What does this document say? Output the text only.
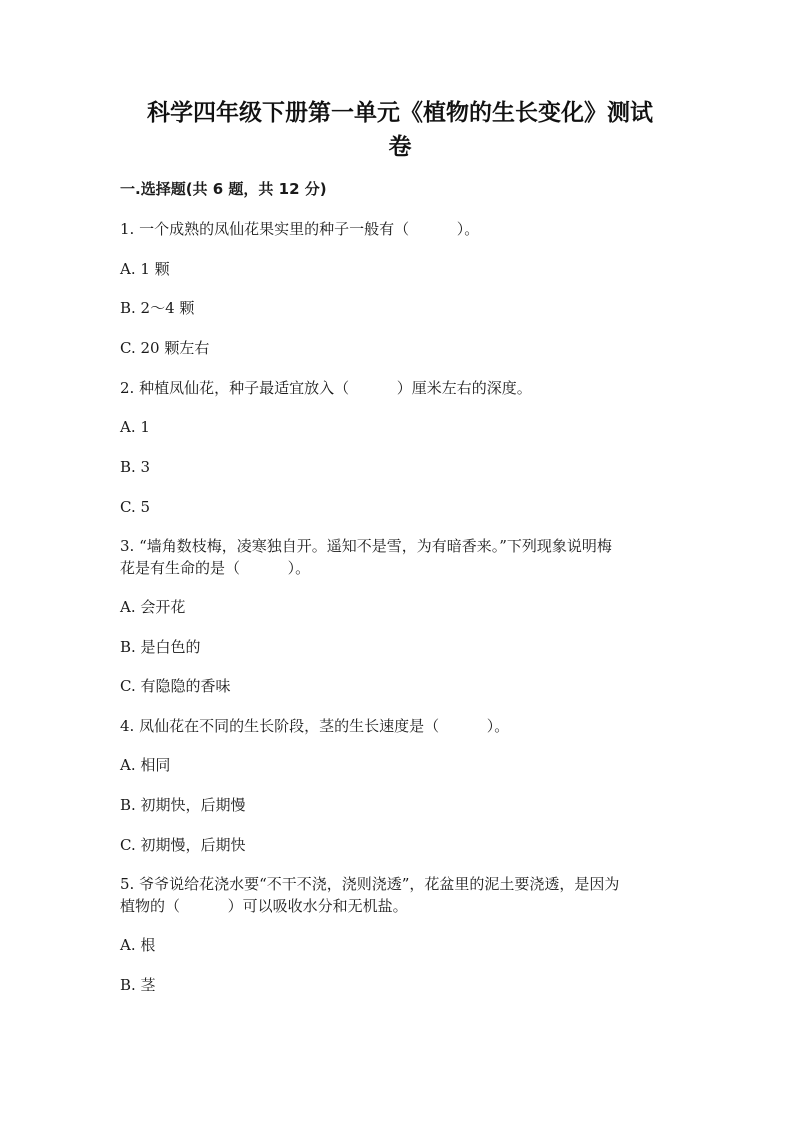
科学四年级下册第一单元《植物的生长变化》测试
卷
一.选择题(共 6 题，共 12 分)
1. 一个成熟的凤仙花果实里的种子一般有（          ）。
A. 1 颗
B. 2～4 颗
C. 20 颗左右
2. 种植凤仙花，种子最适宜放入（          ）厘米左右的深度。
A. 1
B. 3
C. 5
3. “墙角数枝梅，凌寒独自开。遥知不是雪，为有暗香来。”下列现象说明梅
花是有生命的是（          ）。
A. 会开花
B. 是白色的
C. 有隐隐的香味
4. 凤仙花在不同的生长阶段，茎的生长速度是（          ）。
A. 相同
B. 初期快，后期慢
C. 初期慢，后期快
5. 爷爷说给花浇水要“不干不浇，浇则浇透”，花盆里的泥土要浇透，是因为
植物的（          ）可以吸收水分和无机盐。
A. 根
B. 茎
